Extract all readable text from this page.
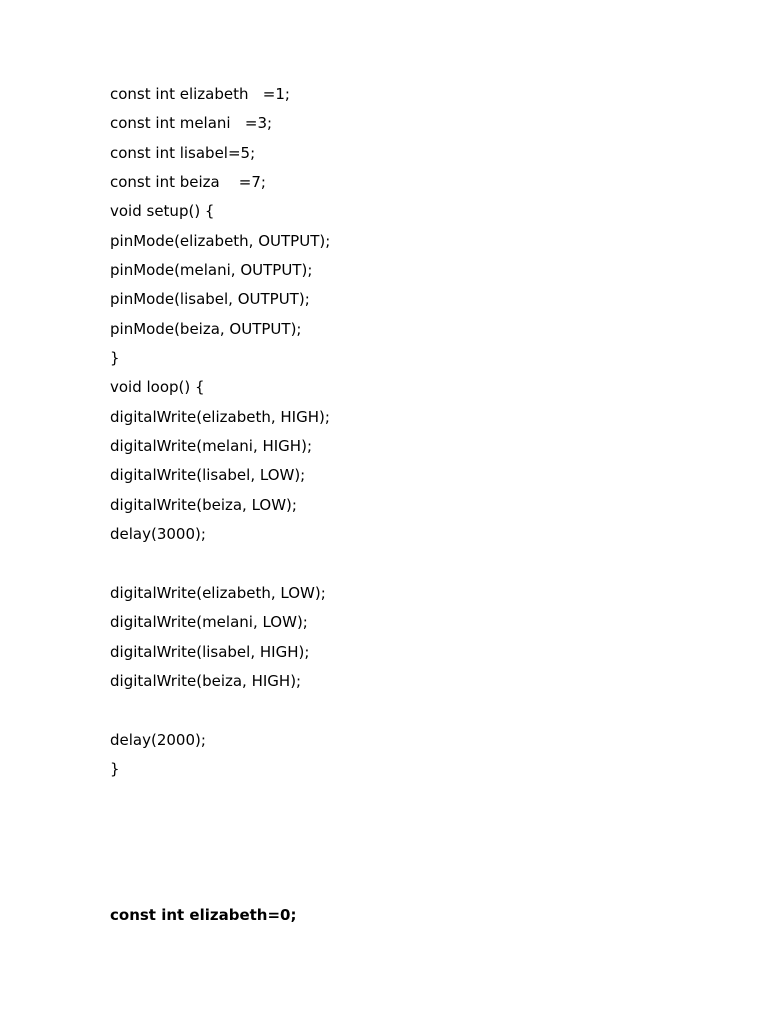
const int elizabeth   =1;
const int melani   =3;
const int lisabel=5;
const int beiza    =7;
void setup() {
pinMode(elizabeth, OUTPUT);
pinMode(melani, OUTPUT);
pinMode(lisabel, OUTPUT);
pinMode(beiza, OUTPUT);
}
void loop() {
digitalWrite(elizabeth, HIGH);
digitalWrite(melani, HIGH);
digitalWrite(lisabel, LOW);
digitalWrite(beiza, LOW);
delay(3000);
digitalWrite(elizabeth, LOW);
digitalWrite(melani, LOW);
digitalWrite(lisabel, HIGH);
digitalWrite(beiza, HIGH);
delay(2000);
}
const int elizabeth=0;
